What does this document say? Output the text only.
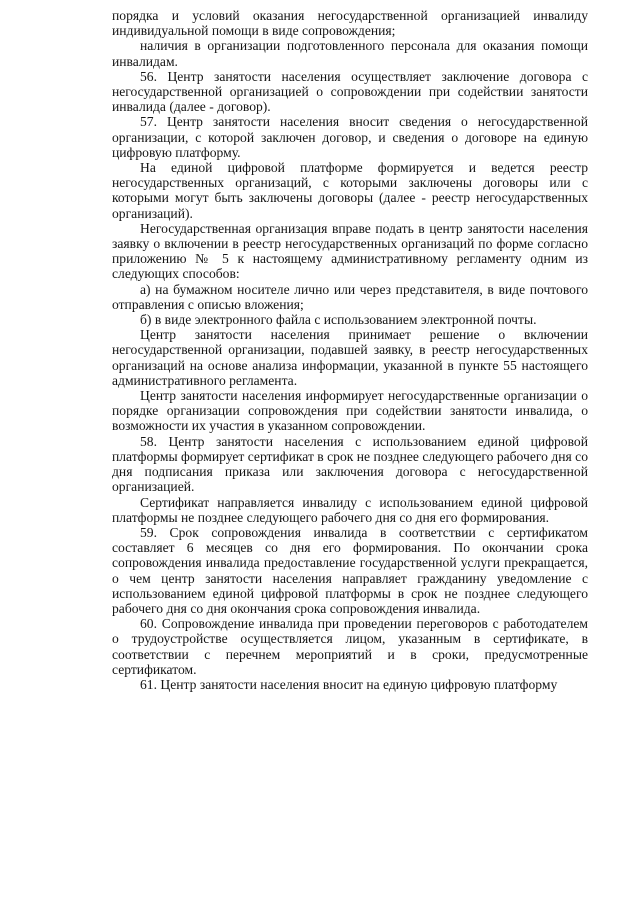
порядка и условий оказания негосударственной организацией инвалиду индивидуальной помощи в виде сопровождения;

наличия в организации подготовленного персонала для оказания помощи инвалидам.

56. Центр занятости населения осуществляет заключение договора с негосударственной организацией о сопровождении при содействии занятости инвалида (далее - договор).

57. Центр занятости населения вносит сведения о негосударственной организации, с которой заключен договор, и сведения о договоре на единую цифровую платформу.

На единой цифровой платформе формируется и ведется реестр негосударственных организаций, с которыми заключены договоры или с которыми могут быть заключены договоры (далее - реестр негосударственных организаций).

Негосударственная организация вправе подать в центр занятости населения заявку о включении в реестр негосударственных организаций по форме согласно приложению № 5 к настоящему административному регламенту одним из следующих способов:

а) на бумажном носителе лично или через представителя, в виде почтового отправления с описью вложения;

б) в виде электронного файла с использованием электронной почты.

Центр занятости населения принимает решение о включении негосударственной организации, подавшей заявку, в реестр негосударственных организаций на основе анализа информации, указанной в пункте 55 настоящего административного регламента.

Центр занятости населения информирует негосударственные организации о порядке организации сопровождения при содействии занятости инвалида, о возможности их участия в указанном сопровождении.

58. Центр занятости населения с использованием единой цифровой платформы формирует сертификат в срок не позднее следующего рабочего дня со дня подписания приказа или заключения договора с негосударственной организацией.

Сертификат направляется инвалиду с использованием единой цифровой платформы не позднее следующего рабочего дня со дня его формирования.

59. Срок сопровождения инвалида в соответствии с сертификатом составляет 6 месяцев со дня его формирования. По окончании срока сопровождения инвалида предоставление государственной услуги прекращается, о чем центр занятости населения направляет гражданину уведомление с использованием единой цифровой платформы в срок не позднее следующего рабочего дня со дня окончания срока сопровождения инвалида.

60. Сопровождение инвалида при проведении переговоров с работодателем о трудоустройстве осуществляется лицом, указанным в сертификате, в соответствии с перечнем мероприятий и в сроки, предусмотренные сертификатом.

61. Центр занятости населения вносит на единую цифровую платформу
